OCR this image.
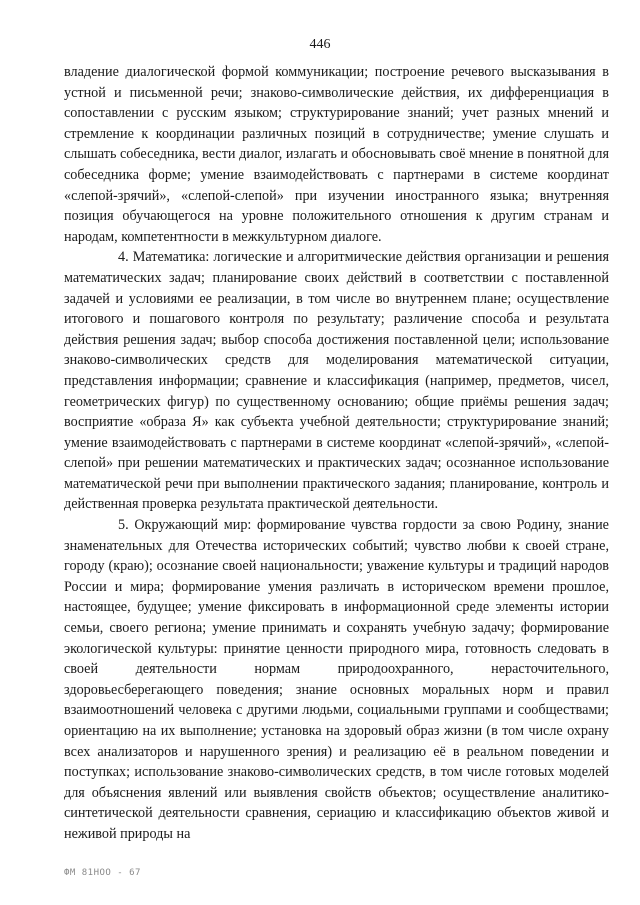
446

владение диалогической формой коммуникации; построение речевого высказывания в устной и письменной речи; знаково-символические действия, их дифференциация в сопоставлении с русским языком; структурирование знаний; учет разных мнений и стремление к координации различных позиций в сотрудничестве; умение слушать и слышать собеседника, вести диалог, излагать и обосновывать своё мнение в понятной для собеседника форме; умение взаимодействовать с партнерами в системе координат «слепой-зрячий», «слепой-слепой» при изучении иностранного языка; внутренняя позиция обучающегося на уровне положительного отношения к другим странам и народам, компетентности в межкультурном диалоге.

4. Математика: логические и алгоритмические действия организации и решения математических задач; планирование своих действий в соответствии с поставленной задачей и условиями ее реализации, в том числе во внутреннем плане; осуществление итогового и пошагового контроля по результату; различение способа и результата действия решения задач; выбор способа достижения поставленной цели; использование знаково-символических средств для моделирования математической ситуации, представления информации; сравнение и классификация (например, предметов, чисел, геометрических фигур) по существенному основанию; общие приёмы решения задач; восприятие «образа Я» как субъекта учебной деятельности; структурирование знаний; умение взаимодействовать с партнерами в системе координат «слепой-зрячий», «слепой-слепой» при решении математических и практических задач; осознанное использование математической речи при выполнении практического задания; планирование, контроль и действенная проверка результата практической деятельности.

5. Окружающий мир: формирование чувства гордости за свою Родину, знание знаменательных для Отечества исторических событий; чувство любви к своей стране, городу (краю); осознание своей национальности; уважение культуры и традиций народов России и мира; формирование умения различать в историческом времени прошлое, настоящее, будущее; умение фиксировать в информационной среде элементы истории семьи, своего региона; умение принимать и сохранять учебную задачу; формирование экологической культуры: принятие ценности природного мира, готовность следовать в своей деятельности нормам природоохранного, нерасточительного, здоровьесберегающего поведения; знание основных моральных норм и правил взаимоотношений человека с другими людьми, социальными группами и сообществами; ориентацию на их выполнение; установка на здоровый образ жизни (в том числе охрану всех анализаторов и нарушенного зрения) и реализацию её в реальном поведении и поступках; использование знаково-символических средств, в том числе готовых моделей для объяснения явлений или выявления свойств объектов; осуществление аналитико-синтетической деятельности сравнения, сериацию и классификацию объектов живой и неживой природы на

ФМ 81НОО - 67
